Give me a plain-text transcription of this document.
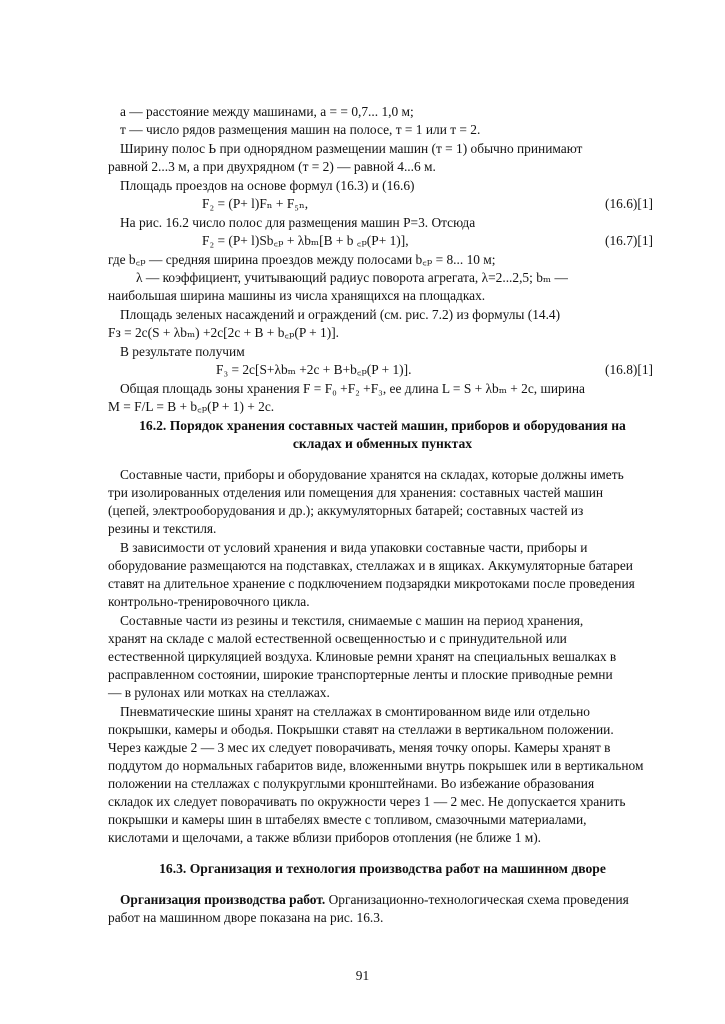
а — расстояние между машинами, а = = 0,7... 1,0 м;
т — число рядов размещения машин на полосе, т = 1 или т = 2.
Ширину полос Ь при однорядном размещении машин (т = 1) обычно принимают
равной 2...3 м, а при двухрядном (т = 2) — равной 4...6 м.
Площадь проездов на основе формул (16.3) и (16.6)
F₂ = (P+ l)Fₙ + F₅ₙ,	(16.6)[1]
На рис. 16.2 число полос для размещения машин Р=3. Отсюда
F₂ = (P+ l)Sb꜀ₚ + λbₘ[B + b ꜀ₚ(P+ 1)],	(16.7)[1]
где b꜀ₚ — средняя ширина проездов между полосами b꜀ₚ = 8... 10 м;
λ — коэффициент, учитывающий радиус поворота агрегата, λ=2...2,5; bₘ —
наибольшая ширина машины из числа хранящихся на площадках.
Площадь зеленых насаждений и ограждений (см. рис. 7.2) из формулы (14.4)
Fз = 2c(S + λbₘ) +2c[2c + B + b꜀ₚ(P + 1)].
В результате получим
F₃ = 2c[S+λbₘ +2c + B+b꜀ₚ(P + 1)].	(16.8)[1]
Общая площадь зоны хранения F = F₀ +F₂ +F₃, ее длина L = S + λbₘ + 2с, ширина
M = F/L = B + b꜀ₚ(P + 1) + 2c.
16.2. Порядок хранения составных частей машин, приборов и оборудования на
складах и обменных пунктах
Составные части, приборы и оборудование хранятся на складах, которые должны иметь
три изолированных отделения или помещения для хранения: составных частей машин
(цепей, электрооборудования и др.); аккумуляторных батарей; составных частей из
резины и текстиля.
В зависимости от условий хранения и вида упаковки составные части, приборы и
оборудование размещаются на подставках, стеллажах и в ящиках. Аккумуляторные батареи
ставят на длительное хранение с подключением подзарядки микротоками после проведения
контрольно-тренировочного цикла.
Составные части из резины и текстиля, снимаемые с машин на период хранения,
хранят на складе с малой естественной освещенностью и с принудительной или
естественной циркуляцией воздуха. Клиновые ремни хранят на специальных вешалках в
расправленном состоянии, широкие транспортерные ленты и плоские приводные ремни
— в рулонах или мотках на стеллажах.
Пневматические шины хранят на стеллажах в смонтированном виде или отдельно
покрышки, камеры и ободья. Покрышки ставят на стеллажи в вертикальном положении.
Через каждые 2 — 3 мес их следует поворачивать, меняя точку опоры. Камеры хранят в
поддутом до нормальных габаритов виде, вложенными внутрь покрышек или в вертикальном
положении на стеллажах с полукруглыми кронштейнами. Во избежание образования
складок их следует поворачивать по окружности через 1 — 2 мес. Не допускается хранить
покрышки и камеры шин в штабелях вместе с топливом, смазочными материалами,
кислотами и щелочами, а также вблизи приборов отопления (не ближе 1 м).
16.3. Организация и технология производства работ на машинном дворе
Организация производства работ. Организационно-технологическая схема проведения
работ на машинном дворе показана на рис. 16.3.
91
